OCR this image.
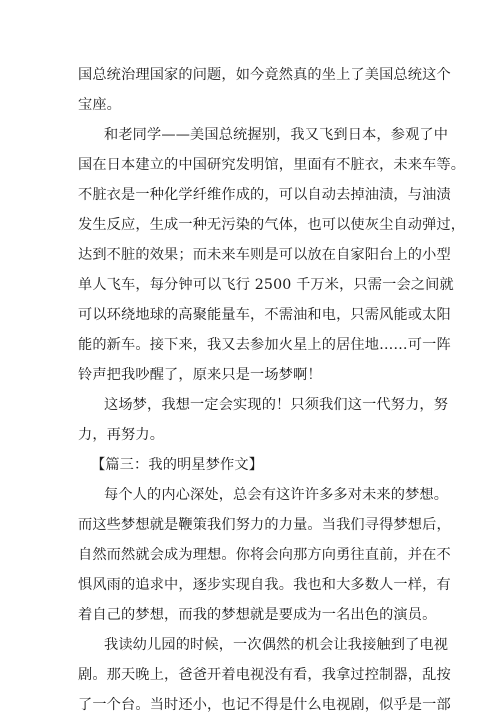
国总统治理国家的问题，如今竟然真的坐上了美国总统这个
宝座。
和老同学——美国总统握别，我又飞到日本，参观了中
国在日本建立的中国研究发明馆，里面有不脏衣，未来车等。
不脏衣是一种化学纤维作成的，可以自动去掉油渍，与油渍
发生反应，生成一种无污染的气体，也可以使灰尘自动弹过，
达到不脏的效果；而未来车则是可以放在自家阳台上的小型
单人飞车，每分钟可以飞行 2500 千万米，只需一会之间就
可以环绕地球的高聚能量车，不需油和电，只需风能或太阳
能的新车。接下来，我又去参加火星上的居住地……可一阵
铃声把我吵醒了，原来只是一场梦啊！
这场梦，我想一定会实现的！只须我们这一代努力，努
力，再努力。
【篇三：我的明星梦作文】
每个人的内心深处，总会有这许许多多对未来的梦想。
而这些梦想就是鞭策我们努力的力量。当我们寻得梦想后，
自然而然就会成为理想。你将会向那方向勇往直前，并在不
惧风雨的追求中，逐步实现自我。我也和大多数人一样，有
着自己的梦想，而我的梦想就是要成为一名出色的演员。
我读幼儿园的时候，一次偶然的机会让我接触到了电视
剧。那天晚上，爸爸开着电视没有看，我拿过控制器，乱按
了一个台。当时还小，也记不得是什么电视剧，似乎是一部
